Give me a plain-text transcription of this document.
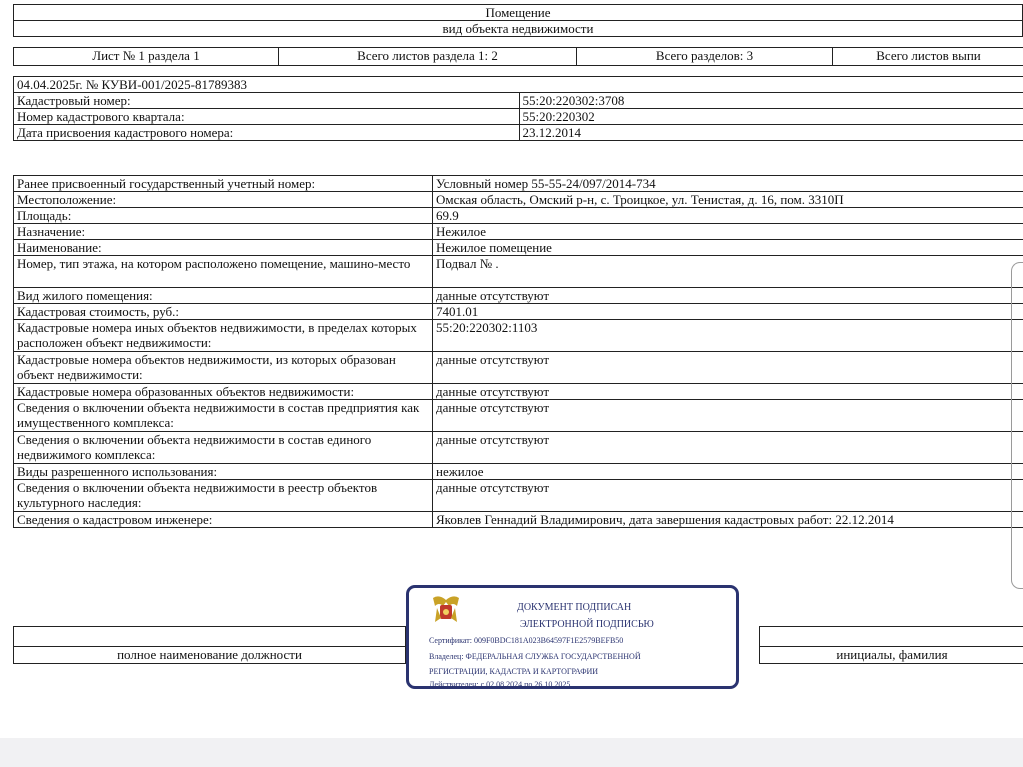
Помещение
вид объекта недвижимости
Лист № 1 раздела 1	Всего листов раздела 1: 2	Всего разделов: 3	Всего листов выпи
04.04.2025г. № КУВИ-001/2025-81789383	
Кадастровый номер:	55:20:220302:3708
Номер кадастрового квартала:	55:20:220302
Дата присвоения кадастрового номера:	23.12.2014
Ранее присвоенный государственный учетный номер:	Условный номер 55-55-24/097/2014-734
Местоположение:	Омская область, Омский р-н, с. Троицкое, ул. Тенистая, д. 16, пом. 3310П
Площадь:	69.9
Назначение:	Нежилое
Наименование:	Нежилое помещение
Номер, тип этажа, на котором расположено помещение, машино-место	Подвал № .
Вид жилого помещения:	данные отсутствуют
Кадастровая стоимость, руб.:	7401.01
Кадастровые номера иных объектов недвижимости, в пределах которых расположен объект недвижимости:	55:20:220302:1103
Кадастровые номера объектов недвижимости, из которых образован объект недвижимости:	данные отсутствуют
Кадастровые номера образованных объектов недвижимости:	данные отсутствуют
Сведения о включении объекта недвижимости в состав предприятия как имущественного комплекса:	данные отсутствуют
Сведения о включении объекта недвижимости в состав единого недвижимого комплекса:	данные отсутствуют
Виды разрешенного использования:	нежилое
Сведения о включении объекта недвижимости в реестр объектов культурного наследия:	данные отсутствуют
Сведения о кадастровом инженере:	Яковлев Геннадий Владимирович, дата завершения кадастровых работ: 22.12.2014

полное наименование должности		инициалы, фамилия
ДОКУМЕНТ ПОДПИСАН
ЭЛЕКТРОННОЙ ПОДПИСЬЮ
Сертификат: 009F0BDC181A023B64597F1E2579BEFB50
Владелец: ФЕДЕРАЛЬНАЯ СЛУЖБА ГОСУДАРСТВЕННОЙ
РЕГИСТРАЦИИ, КАДАСТРА И КАРТОГРАФИИ
Действителен: с 02.08.2024 по 26.10.2025
